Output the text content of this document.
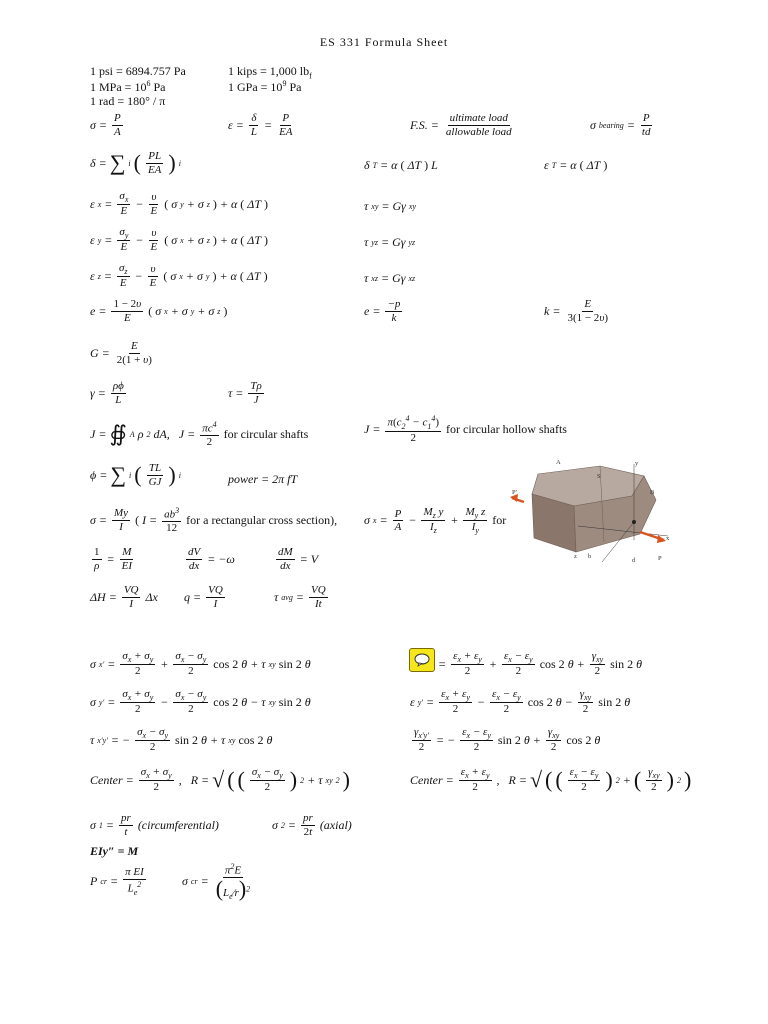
ES 331 Formula Sheet
1 psi = 6894.757 Pa	1 kips = 1,000 $lb_f$
1 MPa = $10^6$ Pa	1 GPa = $10^9$ Pa
1 rad = 180° / π
$\sigma = \frac{P}{A}$	$\varepsilon = \frac{\delta}{L} = \frac{P}{EA}$	F.S. = $\frac{\text{ultimate load}}{\text{allowable load}}$	σ bearing = $\frac{P}{td}$
δ = ∑ i ( $\frac{PL}{EA}$ ) i	δ T = α ( ΔT ) L	ε T = α ( ΔT )
ε $x = \frac{\sigma_x}{E} - \frac{\upsilon}{E}$ ( σ y + σ z ) + α ( ΔT )	τ xy = Gγ xy
ε $y = \frac{\sigma_y}{E} - \frac{\upsilon}{E}$ ( σ x + σ z ) + α ( ΔT )	τ yz = Gγ yz
ε $z = \frac{\sigma_z}{E} - \frac{\upsilon}{E}$ ( σ x + σ y ) + α ( ΔT )	τ xz = Gγ xz
$e = \frac{1 - 2\upsilon}{E}$ ( σ x + σ y + σ z )	$e = \frac{-p}{k}$	$k = \frac{E}{3(1 - 2\upsilon)}$
$G = \frac{E}{2(1 + \upsilon)}$
$\gamma = \frac{\rho\phi}{L}$	$\tau = \frac{T\rho}{J}$
J = ∯ A ρ 2 dA,   $J = \frac{\pi c^4}{2}$ for circular shafts	$J = \frac{\pi(c_2^4 - c_1^4)}{2}$ for circular hollow shafts
ϕ = ∑ i ( $\frac{TL}{GJ}$ ) i	power = 2π fT
$\sigma = \frac{My}{I}$ ( $I = \frac{ab^3}{12}$ for a rectangular cross section), σ $x = \frac{P}{A} - \frac{M_z y}{I_z} + \frac{M_y z}{I_y}$ for
A
S
y
B
P′
x
z b
d	P
$\frac{1}{\rho} = \frac{M}{EI}$	$\frac{dV}{dx} = -\omega$	$\frac{dM}{dx} = V$
$\Delta H = \frac{VQ}{I}$ Δx $q = \frac{VQ}{I}$	τ avg = $\frac{VQ}{It}$
σ $x' = \frac{\sigma_x + \sigma_y}{2} + \frac{\sigma_x - \sigma_y}{2}$ cos 2 θ + τ xy sin 2 θ
σ $y' = \frac{\sigma_x + \sigma_y}{2} - \frac{\sigma_x - \sigma_y}{2}$ cos 2 θ − τ xy sin 2 θ
τ x′y′ = − $\frac{\sigma_x - \sigma_y}{2}$ sin 2 θ + τ xy cos 2 θ
Center = $\frac{\sigma_x + \sigma_y}{2}$ ,   R = √ ( ( $\frac{\sigma_x - \sigma_y}{2}$ ) 2 + τ xy 2 )
= $\frac{\varepsilon_x + \varepsilon_y}{2} + \frac{\varepsilon_x - \varepsilon_y}{2}$ cos 2 $\theta + \frac{\gamma_{xy}}{2}$ sin 2 θ
ε $y' = \frac{\varepsilon_x + \varepsilon_y}{2} - \frac{\varepsilon_x - \varepsilon_y}{2}$ cos 2 $\theta - \frac{\gamma_{xy}}{2}$ sin 2 θ
$\frac{\gamma_{x'y'}}{2}$ = − $\frac{\varepsilon_x - \varepsilon_y}{2}$ sin 2 $\theta + \frac{\gamma_{xy}}{2}$ cos 2 θ
Center = $\frac{\varepsilon_x + \varepsilon_y}{2}$ ,   R = √ ( ( $\frac{\varepsilon_x - \varepsilon_y}{2}$ ) 2 + ( $\frac{\gamma_{xy}}{2}$ ) 2 )
σ $1 = \frac{pr}{t}$ (circumferential)	σ $2 = \frac{pr}{2t}$ (axial)
EIy″ = M
P cr = $\frac{\text{π EI}}{L_e^2}$	σ cr = $\frac{\pi^2E}{(L_e⁄r)^2}$
